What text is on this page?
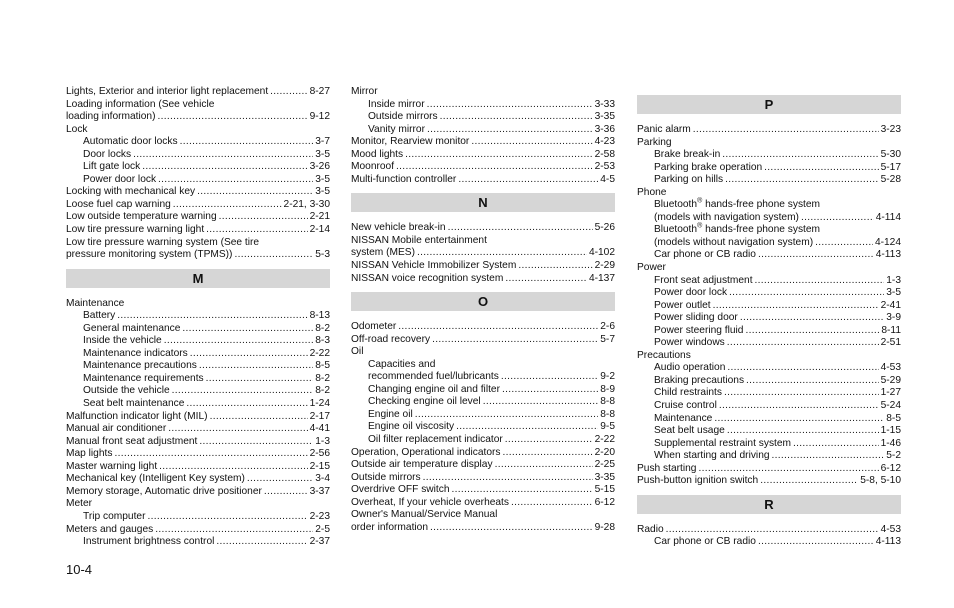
Lights, Exterior and interior light replacement .....	8-27
Loading information (See vehicle
loading information) .....	9-12
Lock
Automatic door locks .....	3-7
Door locks .....	3-5
Lift gate lock .....	3-26
Power door lock .....	3-5
Locking with mechanical key .....	3-5
Loose fuel cap warning .....	2-21, 3-30
Low outside temperature warning .....	2-21
Low tire pressure warning light .....	2-14
Low tire pressure warning system (See tire
pressure monitoring system (TPMS)) .....	5-3
M
Maintenance
Battery .....	8-13
General maintenance .....	8-2
Inside the vehicle .....	8-3
Maintenance indicators .....	2-22
Maintenance precautions .....	8-5
Maintenance requirements .....	8-2
Outside the vehicle .....	8-2
Seat belt maintenance .....	1-24
Malfunction indicator light (MIL) .....	2-17
Manual air conditioner .....	4-41
Manual front seat adjustment .....	1-3
Map lights .....	2-56
Master warning light .....	2-15
Mechanical key (Intelligent Key system) .....	3-4
Memory storage, Automatic drive positioner .....	3-37
Meter
Trip computer .....	2-23
Meters and gauges .....	2-5
Instrument brightness control .....	2-37
Mirror
Inside mirror .....	3-33
Outside mirrors .....	3-35
Vanity mirror .....	3-36
Monitor, Rearview monitor .....	4-23
Mood lights .....	2-58
Moonroof .....	2-53
Multi-function controller .....	4-5
N
New vehicle break-in .....	5-26
NISSAN Mobile entertainment
system (MES) .....	4-102
NISSAN Vehicle Immobilizer System .....	2-29
NISSAN voice recognition system .....	4-137
O
Odometer .....	2-6
Off-road recovery .....	5-7
Oil
Capacities and
recommended fuel/lubricants .....	9-2
Changing engine oil and filter .....	8-9
Checking engine oil level .....	8-8
Engine oil .....	8-8
Engine oil viscosity .....	9-5
Oil filter replacement indicator .....	2-22
Operation, Operational indicators .....	2-20
Outside air temperature display .....	2-25
Outside mirrors .....	3-35
Overdrive OFF switch .....	5-15
Overheat, If your vehicle overheats .....	6-12
Owner's Manual/Service Manual
order information .....	9-28
P
Panic alarm .....	3-23
Parking
Brake break-in .....	5-30
Parking brake operation .....	5-17
Parking on hills .....	5-28
Phone
Bluetooth® hands-free phone system
(models with navigation system) .....	4-114
Bluetooth® hands-free phone system
(models without navigation system) .....	4-124
Car phone or CB radio .....	4-113
Power
Front seat adjustment .....	1-3
Power door lock .....	3-5
Power outlet .....	2-41
Power sliding door .....	3-9
Power steering fluid .....	8-11
Power windows .....	2-51
Precautions
Audio operation .....	4-53
Braking precautions .....	5-29
Child restraints .....	1-27
Cruise control .....	5-24
Maintenance .....	8-5
Seat belt usage .....	1-15
Supplemental restraint system .....	1-46
When starting and driving .....	5-2
Push starting .....	6-12
Push-button ignition switch .....	5-8, 5-10
R
Radio .....	4-53
Car phone or CB radio .....	4-113
10-4
